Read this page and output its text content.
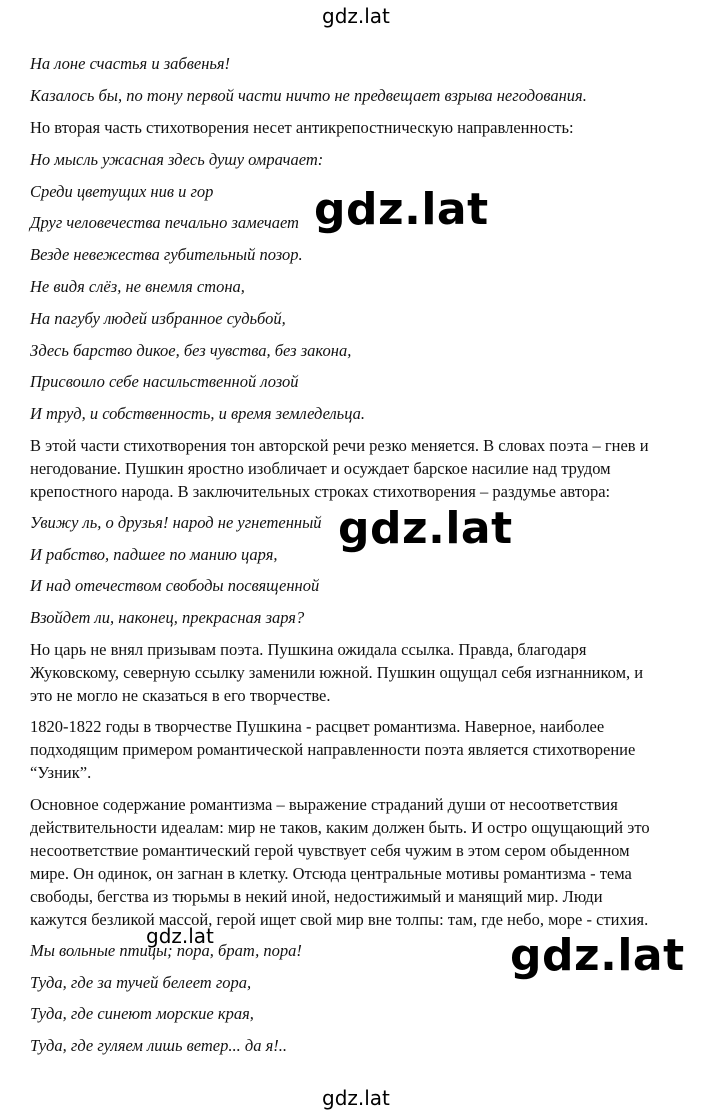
gdz.lat
На лоне счастья и забвенья!
Казалось бы, по тону первой части ничто не предвещает взрыва негодования.
Но вторая часть стихотворения несет антикрепостническую направленность:
Но мысль ужасная здесь душу омрачает:
Среди цветущих нив и гор
Друг человечества печально замечает
Везде невежества губительный позор.
Не видя слёз, не внемля стона,
На пагубу людей избранное судьбой,
Здесь барство дикое, без чувства, без закона,
Присвоило себе насильственной лозой
И труд, и собственность, и время земледельца.
В этой части стихотворения тон авторской речи резко меняется. В словах поэта – гнев и
негодование. Пушкин яростно изобличает и осуждает барское насилие над трудом
крепостного народа. В заключительных строках стихотворения – раздумье автора:
Увижу ль, о друзья! народ не угнетенный
И рабство, падшее по манию царя,
И над отечеством свободы посвященной
Взойдет ли, наконец, прекрасная заря?
Но царь не внял призывам поэта. Пушкина ожидала ссылка. Правда, благодаря
Жуковскому, северную ссылку заменили южной. Пушкин ощущал себя изгнанником, и
это не могло не сказаться в его творчестве.
1820-1822 годы в творчестве Пушкина - расцвет романтизма. Наверное, наиболее
подходящим примером романтической направленности поэта является стихотворение
“Узник”.
Основное содержание романтизма – выражение страданий души от несоответствия
действительности идеалам: мир не таков, каким должен быть. И остро ощущающий это
несоответствие романтический герой чувствует себя чужим в этом сером обыденном
мире. Он одинок, он загнан в клетку. Отсюда центральные мотивы романтизма - тема
свободы, бегства из тюрьмы в некий иной, недостижимый и манящий мир. Люди
кажутся безликой массой, герой ищет свой мир вне толпы: там, где небо, море - стихия.
Мы вольные птицы; пора, брат, пора!
Туда, где за тучей белеет гора,
Туда, где синеют морские края,
Туда, где гуляем лишь ветер... да я!..
gdz.lat
gdz.lat
gdz.lat	gdz.lat
gdz.lat
